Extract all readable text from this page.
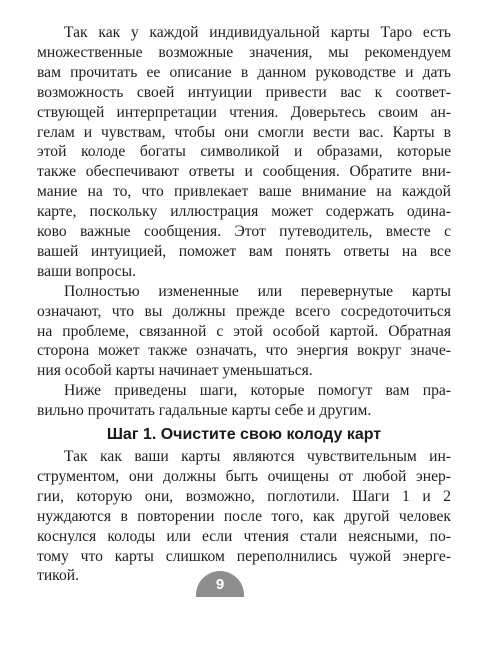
Так как у каждой индивидуальной карты Таро есть
множественные возможные значения, мы рекомендуем
вам прочитать ее описание в данном руководстве и дать
возможность своей интуиции привести вас к соответ-
ствующей интерпретации чтения. Доверьтесь своим ан-
гелам и чувствам, чтобы они смогли вести вас. Карты в
этой колоде богаты символикой и образами, которые
также обеспечивают ответы и сообщения. Обратите вни-
мание на то, что привлекает ваше внимание на каждой
карте, поскольку иллюстрация может содержать одина-
ково важные сообщения. Этот путеводитель, вместе с
вашей интуицией, поможет вам понять ответы на все
ваши вопросы.
Полностью измененные или перевернутые карты
означают, что вы должны прежде всего сосредоточиться
на проблеме, связанной с этой особой картой. Обратная
сторона может также означать, что энергия вокруг значе-
ния особой карты начинает уменьшаться.
Шаг 1. Очистите свою колоду карт
Так как ваши карты являются чувствительным ин-
струментом, они должны быть очищены от любой энер-
гии, которую они, возможно, поглотили. Шаги 1 и 2
нуждаются в повторении после того, как другой человек
коснулся колоды или если чтения стали неясными, по-
тому что карты слишком переполнились чужой энерге-
тикой.
9
Ниже приведены шаги, которые помогут вам пра-
вильно прочитать гадальные карты себе и другим.
